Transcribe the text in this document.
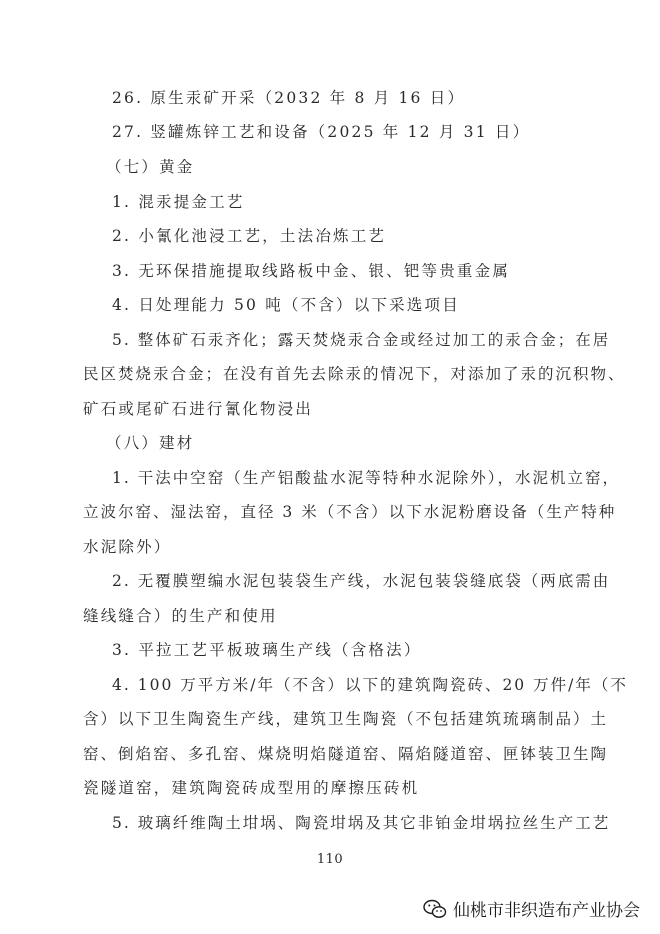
26. 原生汞矿开采（2032 年 8 月 16 日）
27. 竖罐炼锌工艺和设备（2025 年 12 月 31 日）
（七）黄金
1. 混汞提金工艺
2. 小氰化池浸工艺，土法冶炼工艺
3. 无环保措施提取线路板中金、银、钯等贵重金属
4. 日处理能力 50 吨（不含）以下采选项目
5. 整体矿石汞齐化；露天焚烧汞合金或经过加工的汞合金；在居
民区焚烧汞合金；在没有首先去除汞的情况下，对添加了汞的沉积物、
矿石或尾矿石进行氰化物浸出
（八）建材
1. 干法中空窑（生产铝酸盐水泥等特种水泥除外），水泥机立窑，
立波尔窑、湿法窑，直径 3 米（不含）以下水泥粉磨设备（生产特种
水泥除外）
2. 无覆膜塑编水泥包装袋生产线，水泥包装袋缝底袋（两底需由
缝线缝合）的生产和使用
3. 平拉工艺平板玻璃生产线（含格法）
4. 100 万平方米/年（不含）以下的建筑陶瓷砖、20 万件/年（不
含）以下卫生陶瓷生产线，建筑卫生陶瓷（不包括建筑琉璃制品）土
窑、倒焰窑、多孔窑、煤烧明焰隧道窑、隔焰隧道窑、匣钵装卫生陶
瓷隧道窑，建筑陶瓷砖成型用的摩擦压砖机
5. 玻璃纤维陶土坩埚、陶瓷坩埚及其它非铂金坩埚拉丝生产工艺
110
仙桃市非织造布产业协会
